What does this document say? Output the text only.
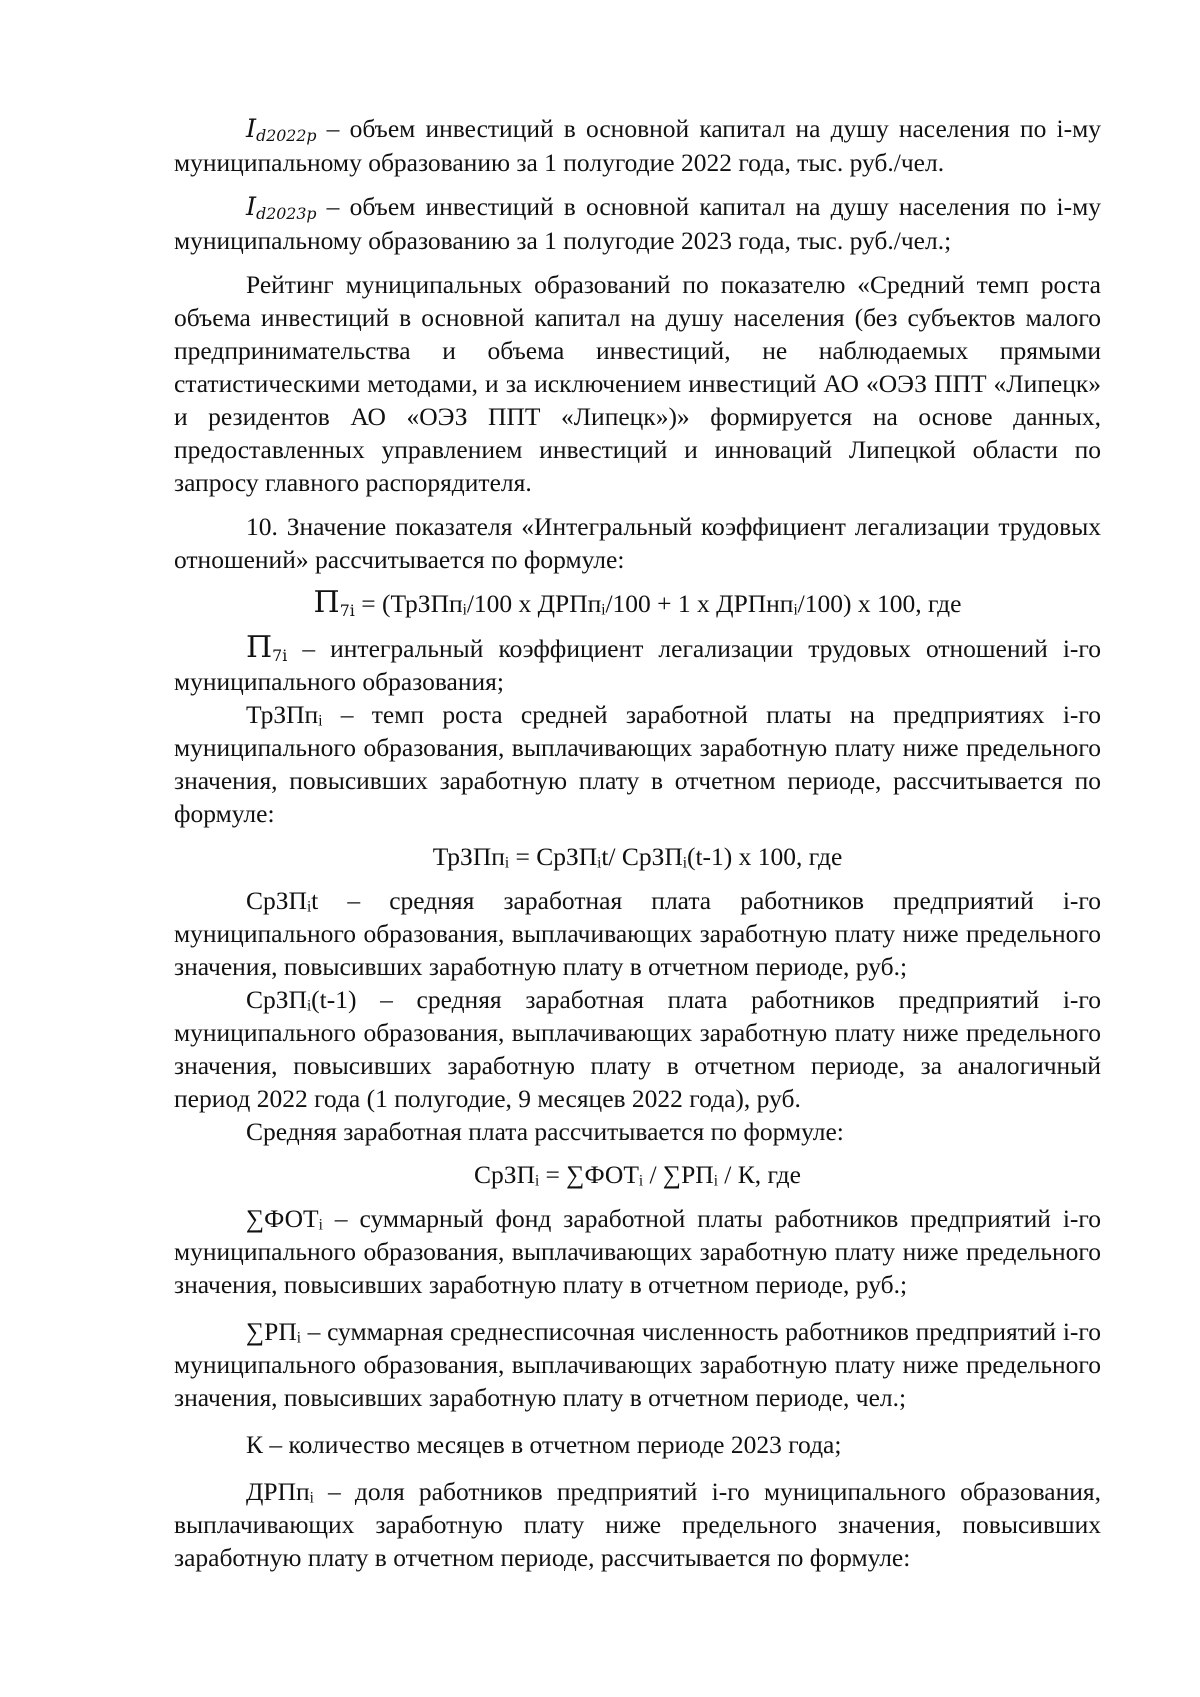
$I_{d2022p}$ – объем инвестиций в основной капитал на душу населения по i-му муниципальному образованию за 1 полугодие 2022 года, тыс. руб./чел.

$I_{d2023p}$ – объем инвестиций в основной капитал на душу населения по i-му муниципальному образованию за 1 полугодие 2023 года, тыс. руб./чел.;

Рейтинг муниципальных образований по показателю «Средний темп роста объема инвестиций в основной капитал на душу населения (без субъектов малого предпринимательства и объема инвестиций, не наблюдаемых прямыми статистическими методами, и за исключением инвестиций АО «ОЭЗ ППТ «Липецк» и резидентов АО «ОЭЗ ППТ «Липецк»)» формируется на основе данных, предоставленных управлением инвестиций и инноваций Липецкой области по запросу главного распорядителя.

10. Значение показателя «Интегральный коэффициент легализации трудовых отношений» рассчитывается по формуле:

$П_{7i}$ = (ТрЗПпᵢ/100 х ДРПпᵢ/100 + 1 х ДРПнпᵢ/100) х 100, где

$П_{7i}$ – интегральный коэффициент легализации трудовых отношений i-го муниципального образования;

ТрЗПпᵢ – темп роста средней заработной платы на предприятиях i-го муниципального образования, выплачивающих заработную плату ниже предельного значения, повысивших заработную плату в отчетном периоде, рассчитывается по формуле:

ТрЗПпᵢ = СрЗПᵢt/ СрЗПᵢ(t-1) х 100, где

СрЗПᵢt – средняя заработная плата работников предприятий i-го муниципального образования, выплачивающих заработную плату ниже предельного значения, повысивших заработную плату в отчетном периоде, руб.;

СрЗПᵢ(t-1) – средняя заработная плата работников предприятий i-го муниципального образования, выплачивающих заработную плату ниже предельного значения, повысивших заработную плату в отчетном периоде, за аналогичный период 2022 года (1 полугодие, 9 месяцев 2022 года), руб.

Средняя заработная плата рассчитывается по формуле:

СрЗПᵢ = ∑ФОТᵢ / ∑РПᵢ / К, где

∑ФОТᵢ – суммарный фонд заработной платы работников предприятий i-го муниципального образования, выплачивающих заработную плату ниже предельного значения, повысивших заработную плату в отчетном периоде, руб.;

∑РПᵢ – суммарная среднесписочная численность работников предприятий i-го муниципального образования, выплачивающих заработную плату ниже предельного значения, повысивших заработную плату в отчетном периоде, чел.;

К – количество месяцев в отчетном периоде 2023 года;

ДРПпᵢ – доля работников предприятий i-го муниципального образования, выплачивающих заработную плату ниже предельного значения, повысивших заработную плату в отчетном периоде, рассчитывается по формуле:
